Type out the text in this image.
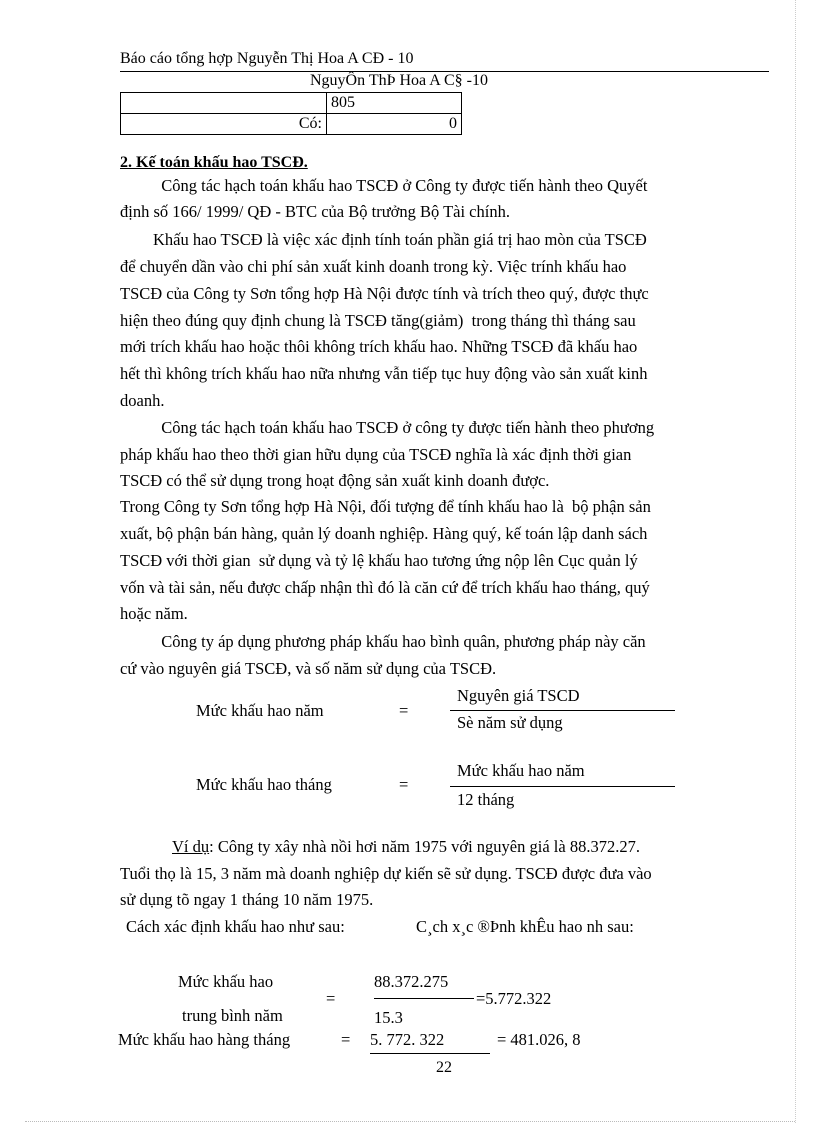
Báo cáo tổng hợp Nguyễn Thị Hoa A CĐ - 10
NguyÔn ThÞ Hoa A C§ -10
	805
Có:	0
2. Kế toán khấu hao TSCĐ.
Công tác hạch toán khấu hao TSCĐ ở Công ty được tiến hành theo Quyết
định số 166/ 1999/ QĐ - BTC của Bộ trưởng Bộ Tài chính.
Khấu hao TSCĐ là việc xác định tính toán phần giá trị hao mòn của TSCĐ
để chuyển dần vào chi phí sản xuất kinh doanh trong kỳ. Việc trính khấu hao
TSCĐ của Công ty Sơn tổng hợp Hà Nội được tính và trích theo quý, được thực
hiện theo đúng quy định chung là TSCĐ tăng(giảm)  trong tháng thì tháng sau
mới trích khấu hao hoặc thôi không trích khấu hao. Những TSCĐ đã khấu hao
hết thì không trích khấu hao nữa nhưng vẫn tiếp tục huy động vào sản xuất kinh
doanh.
Công tác hạch toán khấu hao TSCĐ ở công ty được tiến hành theo phương
pháp khấu hao theo thời gian hữu dụng của TSCĐ nghĩa là xác định thời gian
TSCĐ có thể sử dụng trong hoạt động sản xuất kinh doanh được.
Trong Công ty Sơn tổng hợp Hà Nội, đối tượng để tính khấu hao là  bộ phận sản
xuất, bộ phận bán hàng, quản lý doanh nghiệp. Hàng quý, kế toán lập danh sách
TSCĐ với thời gian  sử dụng và tỷ lệ khấu hao tương ứng nộp lên Cục quản lý
vốn và tài sản, nếu được chấp nhận thì đó là căn cứ để trích khấu hao tháng, quý
hoặc năm.
Công ty áp dụng phương pháp khấu hao bình quân, phương pháp này căn
cứ vào nguyên giá TSCĐ, và số năm sử dụng của TSCĐ.
Mức khấu hao năm	=
Nguyên giá TSCD
Sè năm sử dụng
Mức khấu hao tháng	=
Mức khấu hao năm
12 tháng
Ví dụ: Công ty xây nhà nồi hơi năm 1975 với nguyên giá là 88.372.27.
Tuổi thọ là 15, 3 năm mà doanh nghiệp dự kiến sẽ sử dụng. TSCĐ được đưa vào
sử dụng tõ ngay 1 tháng 10 năm 1975.
Cách xác định khấu hao như sau:	C¸ch x¸c ®Þnh khÊu hao nh sau:
Mức khấu hao
trung bình năm
=
88.372.275
=5.772.322
15.3
Mức khấu hao hàng tháng	= 5. 772. 322	= 481.026, 8
22
